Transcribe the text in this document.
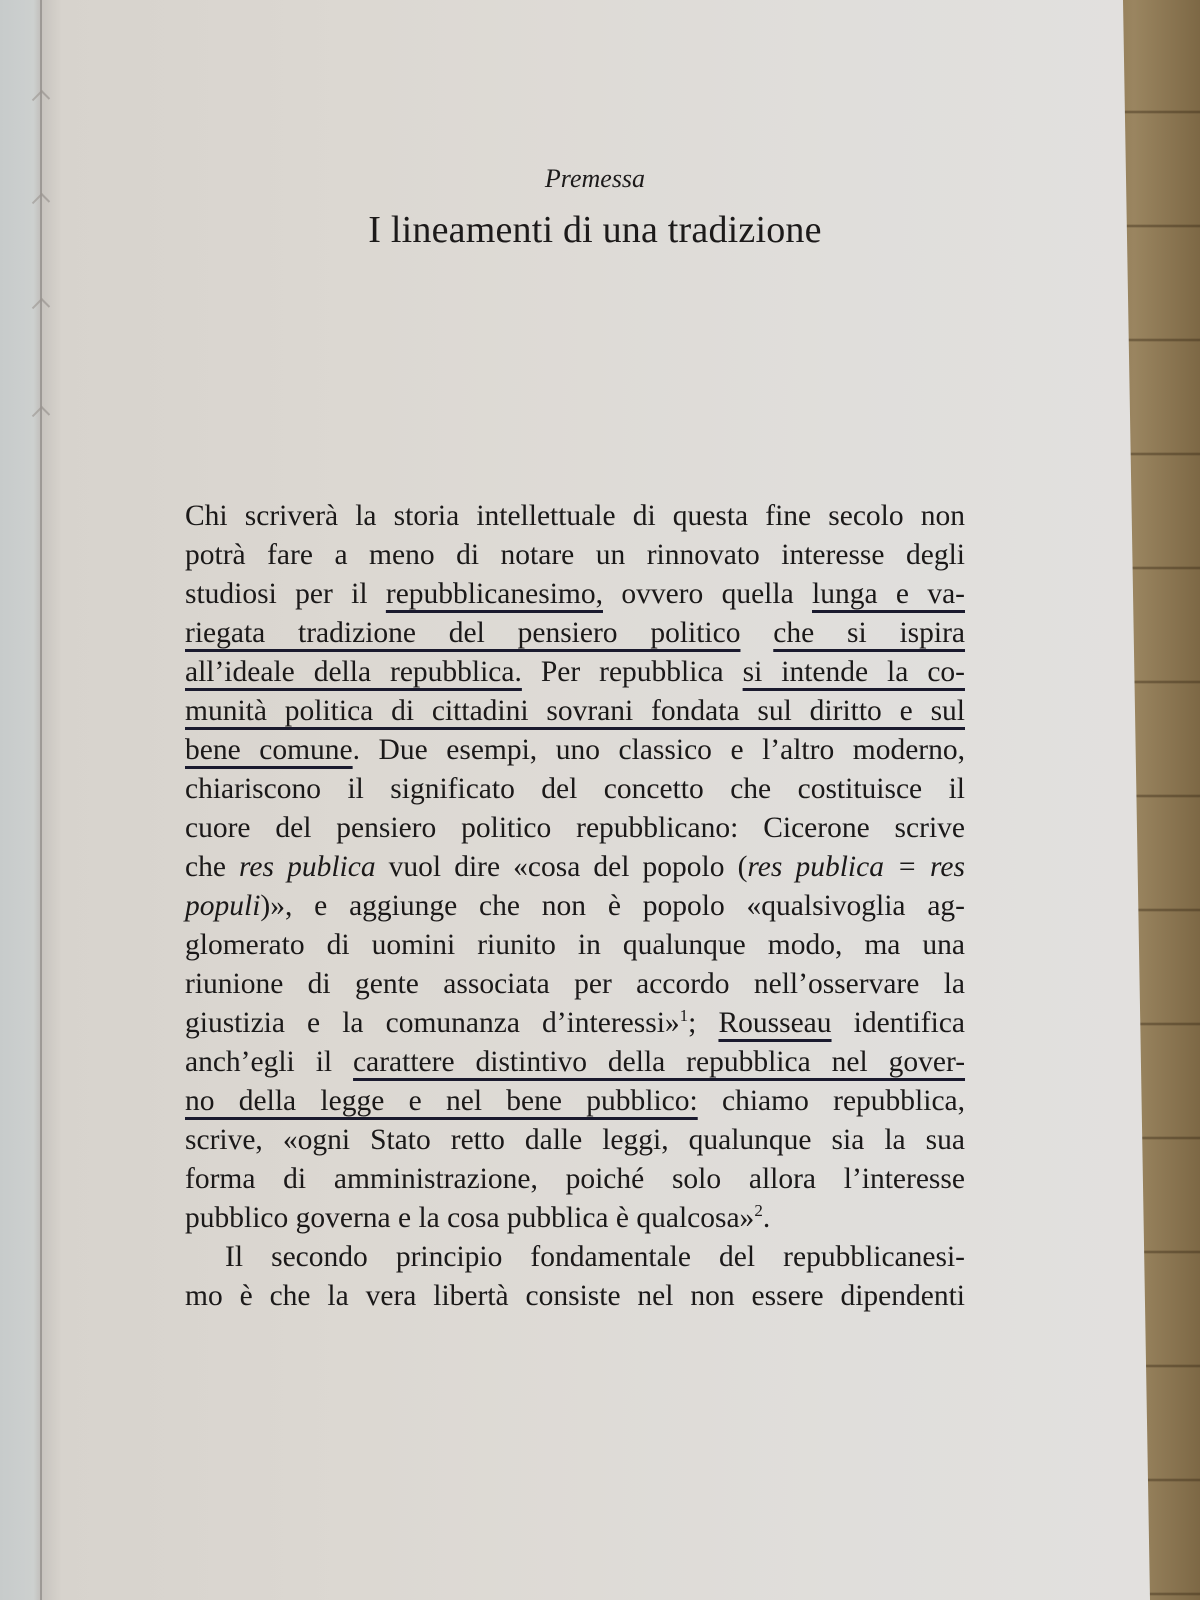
Premessa
I lineamenti di una tradizione
Chi scriverà la storia intellettuale di questa fine secolo non
potrà fare a meno di notare un rinnovato interesse degli
studiosi per il repubblicanesimo, ovvero quella lunga e va-
riegata tradizione del pensiero politico che si ispira
all’ideale della repubblica. Per repubblica si intende la co-
munità politica di cittadini sovrani fondata sul diritto e sul
bene comune. Due esempi, uno classico e l’altro moderno,
chiariscono il significato del concetto che costituisce il
cuore del pensiero politico repubblicano: Cicerone scrive
che res publica vuol dire «cosa del popolo (res publica = res
populi)», e aggiunge che non è popolo «qualsivoglia ag-
glomerato di uomini riunito in qualunque modo, ma una
riunione di gente associata per accordo nell’osservare la
giustizia e la comunanza d’interessi»$^1$; Rousseau identifica
anch’egli il carattere distintivo della repubblica nel gover-
no della legge e nel bene pubblico: chiamo repubblica,
scrive, «ogni Stato retto dalle leggi, qualunque sia la sua
forma di amministrazione, poiché solo allora l’interesse
pubblico governa e la cosa pubblica è qualcosa»$^2$.
Il secondo principio fondamentale del repubblicanesi-
mo è che la vera libertà consiste nel non essere dipendenti
